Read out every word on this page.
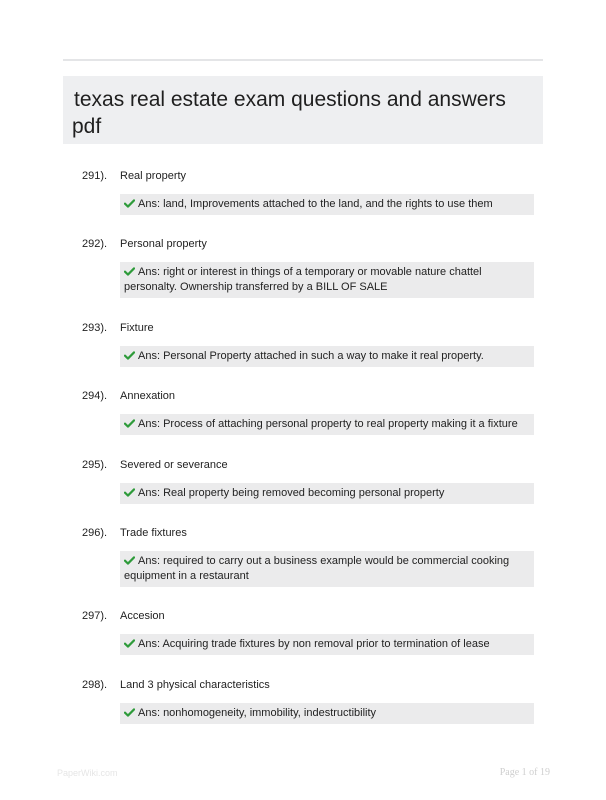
texas real estate exam questions and answers pdf
291). Real property
Ans: land, Improvements attached to the land, and the rights to use them
292). Personal property
Ans: right or interest in things of a temporary or movable nature chattel personalty. Ownership transferred by a BILL OF SALE
293). Fixture
Ans: Personal Property attached in such a way to make it real property.
294). Annexation
Ans: Process of attaching personal property to real property making it a fixture
295). Severed or severance
Ans: Real property being removed becoming personal property
296). Trade fixtures
Ans: required to carry out a business example would be commercial cooking equipment in a restaurant
297). Accesion
Ans: Acquiring trade fixtures by non removal prior to termination of lease
298). Land 3 physical characteristics
Ans: nonhomogeneity, immobility, indestructibility
PaperWiki.com	Page 1 of 19
